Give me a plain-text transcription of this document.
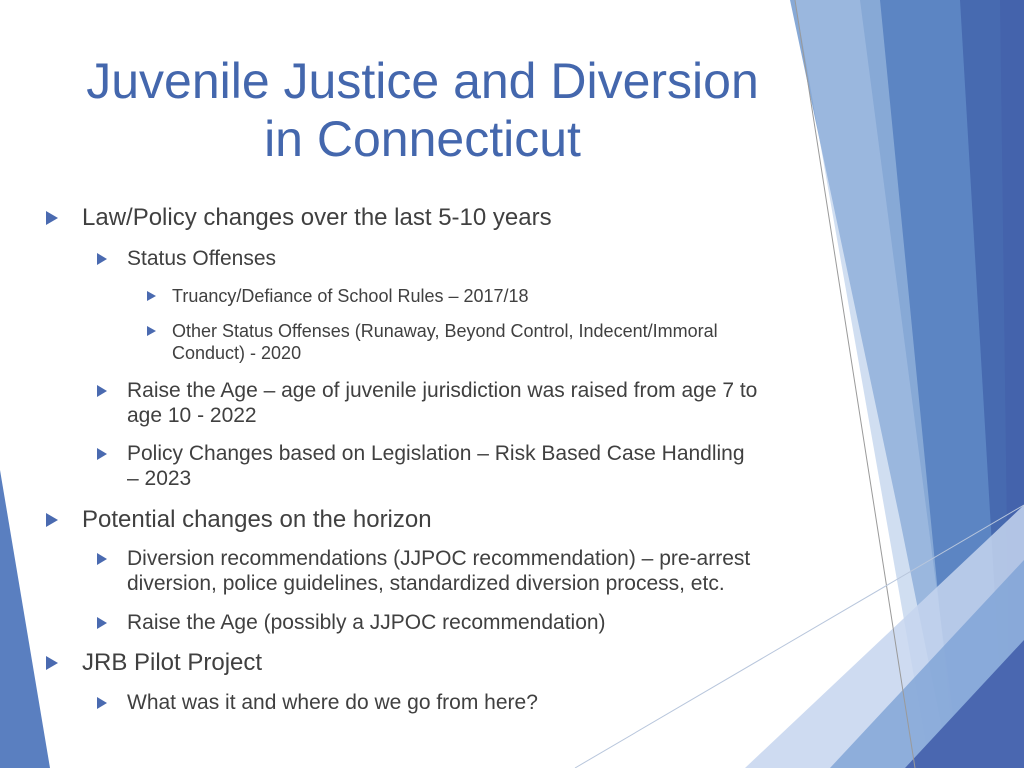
Juvenile Justice and Diversion
in Connecticut
Law/Policy changes over the last 5-10 years
Status Offenses
Truancy/Defiance of School Rules – 2017/18
Other Status Offenses (Runaway, Beyond Control, Indecent/Immoral
Conduct) - 2020
Raise the Age – age of juvenile jurisdiction was raised from age 7 to
age 10 - 2022
Policy Changes based on Legislation – Risk Based Case Handling
– 2023
Potential changes on the horizon
Diversion recommendations (JJPOC recommendation) – pre-arrest
diversion, police guidelines, standardized diversion process, etc.
Raise the Age (possibly a JJPOC recommendation)
JRB Pilot Project
What was it and where do we go from here?
